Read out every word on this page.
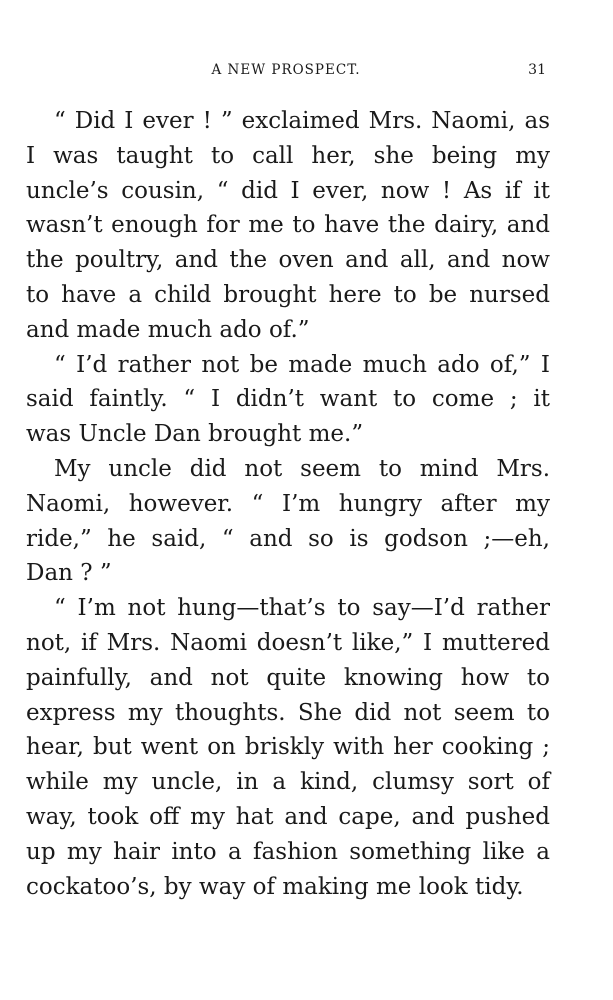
A NEW PROSPECT.	31
“ Did I ever ! ” exclaimed Mrs. Naomi, as
I was taught to call her, she being my
uncle’s cousin, “ did I ever, now ! As if it
wasn’t enough for me to have the dairy, and
the poultry, and the oven and all, and now
to have a child brought here to be nursed
and made much ado of.”
“ I’d rather not be made much ado of,” I
said faintly. “ I didn’t want to come ; it
was Uncle Dan brought me.”
My uncle did not seem to mind Mrs.
Naomi, however. “ I’m hungry after my
ride,” he said, “ and so is godson ;—eh,
Dan ? ”
“ I’m not hung—that’s to say—I’d rather
not, if Mrs. Naomi doesn’t like,” I muttered
painfully, and not quite knowing how to
express my thoughts. She did not seem to
hear, but went on briskly with her cooking ;
while my uncle, in a kind, clumsy sort of
way, took off my hat and cape, and pushed
up my hair into a fashion something like a
cockatoo’s, by way of making me look tidy.
